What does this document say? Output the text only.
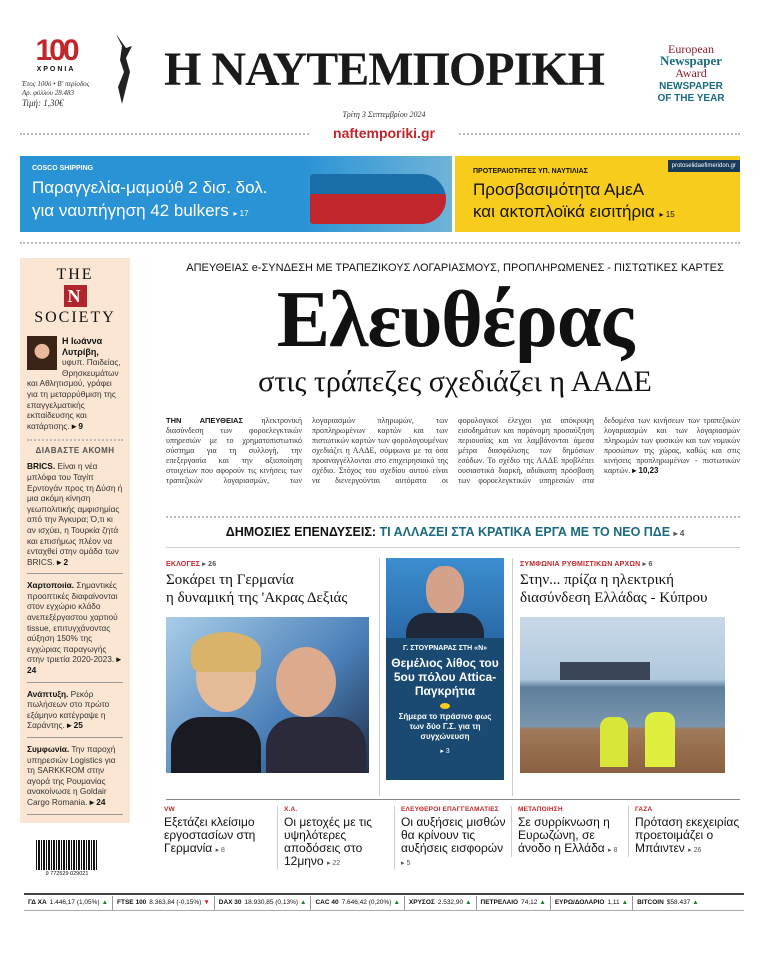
100
ΧΡΟΝΙΑ
Έτος 100ό • Β' περίοδος
Αρ. φύλλου 28.483
Τιμή: 1,30€
Η ΝΑΥΤΕΜΠΟΡΙΚΗ
Τρίτη 3 Σεπτεμβρίου 2024
naftemporiki.gr
European
Newspaper
Award
NEWSPAPER
OF THE YEAR
COSCO SHIPPING
Παραγγελία-μαμούθ 2 δισ. δολ.
για ναυπήγηση 42 bulkers ▸ 17
protoselidaefimeridon.gr
ΠΡΟΤΕΡΑΙΟΤΗΤΕΣ ΥΠ. ΝΑΥΤΙΛΙΑΣ
Προσβασιμότητα ΑμεΑ
και ακτοπλοϊκά εισιτήρια ▸ 15
THE
N
SOCIETY
Η Ιωάννα Λυτρίβη, υφυπ. Παιδείας, Θρησκευμάτων και Αθλητισμού, γράφει για τη μεταρρύθμιση της επαγγελματικής εκπαίδευσης και κατάρτισης. ▸ 9
ΔΙΑΒΑΣΤΕ ΑΚΟΜΗ
BRICS. Είναι η νέα μπλόφα του Ταγίπ Ερντογάν προς τη Δύση ή μια ακόμη κίνηση γεωπολιτικής αμφισημίας από την Άγκυρα; Ό,τι κι αν ισχύει, η Τουρκία ζητά και επισήμως πλέον να ενταχθεί στην ομάδα των BRICS. ▸ 2
Χαρτοποιία. Σημαντικές προοπτικές διαφαίνονται στον εγχώριο κλάδο ανεπεξέργαστου χαρτιού tissue, επιτυγχάνοντας αύξηση 150% της εγχώριας παραγωγής στην τριετία 2020-2023. ▸ 24
Ανάπτυξη. Ρεκόρ πωλήσεων στο πρώτο εξάμηνο κατέγραψε η Σαράντης. ▸ 25
Συμφωνία. Την παροχή υπηρεσιών Logistics για τη SARKKROM στην αγορά της Ρουμανίας ανακοίνωσε η Goldair Cargo Romania. ▸ 24
ΑΠΕΥΘΕΙΑΣ e-ΣΥΝΔΕΣΗ ΜΕ ΤΡΑΠΕΖΙΚΟΥΣ ΛΟΓΑΡΙΑΣΜΟΥΣ, ΠΡΟΠΛΗΡΩΜΕΝΕΣ - ΠΙΣΤΩΤΙΚΕΣ ΚΑΡΤΕΣ
Ελευθέρας
στις τράπεζες σχεδιάζει η ΑΑΔΕ
ΤΗΝ ΑΠΕΥΘΕΙΑΣ ηλεκτρονική διασύνδεση των φοροελεγκτικών υπηρεσιών με το χρηματοπιστωτικό σύστημα για τη συλλογή, την επεξεργασία και την αξιοποίηση στοιχείων που αφορούν τις κινήσεις των τραπεζικών λογαριασμών, των λογαριασμών πληρωμών, των προπληρωμένων καρτών και των πιστωτικών καρτών των φορολογουμένων σχεδιάζει η ΑΑΔΕ, σύμφωνα με τα όσα προαναγγέλλονται στο επιχειρησιακό της σχέδιο. Στόχος του σχεδίου αυτού είναι να διενεργούνται αυτόματα οι φορολογικοί έλεγχοι για απόκρυψη εισοδημάτων και παράνομη προσαύξηση περιουσίας και να λαμβάνονται άμεσα μέτρα διασφάλισης των δημόσιων εσόδων. Το σχέδιο της ΑΑΔΕ προβλέπει ουσιαστικά διαρκή, αδιάκοπη πρόσβαση των φοροελεγκτικών υπηρεσιών στα δεδομένα των κινήσεων των τραπεζικών λογαριασμών και των λογαριασμών πληρωμών των φυσικών και των νομικών προσώπων της χώρας, καθώς και στις κινήσεις προπληρωμένων - πιστωτικών καρτών. ▸ 10,23
ΔΗΜΟΣΙΕΣ ΕΠΕΝΔΥΣΕΙΣ: ΤΙ ΑΛΛΑΖΕΙ ΣΤΑ ΚΡΑΤΙΚΑ ΕΡΓΑ ΜΕ ΤΟ ΝΕΟ ΠΔΕ ▸ 4
ΕΚΛΟΓΕΣ ▸ 26
Σοκάρει τη Γερμανία
η δυναμική της 'Ακρας Δεξιάς
Γ. ΣΤΟΥΡΝΑΡΑΣ ΣΤΗ «Ν»
Θεμέλιος λίθος του 5ου πόλου Attica-Παγκρήτια
Σήμερα το πράσινο φως των δύο Γ.Σ. για τη συγχώνευση
▸ 3
ΣΥΜΦΩΝΙΑ ΡΥΘΜΙΣΤΙΚΩΝ ΑΡΧΩΝ ▸ 6
Στην... πρίζα η ηλεκτρική
διασύνδεση Ελλάδας - Κύπρου
VW
Εξετάζει κλείσιμο εργοστασίων στη Γερμανία ▸ 8
Χ.Α.
Οι μετοχές με τις υψηλότερες αποδόσεις στο 12μηνο ▸ 22
ΕΛΕΥΘΕΡΟΙ ΕΠΑΓΓΕΛΜΑΤΙΕΣ
Οι αυξήσεις μισθών θα κρίνουν τις αυξήσεις εισφορών ▸ 5
ΜΕΤΑΠΟΙΗΣΗ
Σε συρρίκνωση η Ευρωζώνη, σε άνοδο η Ελλάδα ▸ 8
ΓΑΖΑ
Πρόταση εκεχειρίας προετοιμάζει ο Μπάιντεν ▸ 26
9 772529 029021
ΓΔ ΧΑ 1.446,17 (1,05%) ▲ FTSE 100 8.363,84 (-0,15%) ▼ DAX 30 18.930,85 (0,13%) ▲ CAC 40 7.646,42 (0,20%) ▲ ΧΡΥΣΟΣ 2.532,90 ▲ ΠΕΤΡΕΛΑΙΟ 74,12 ▲ ΕΥΡΩ/ΔΟΛΑΡΙΟ 1,11 ▲ BITCOIN $58.437 ▲
